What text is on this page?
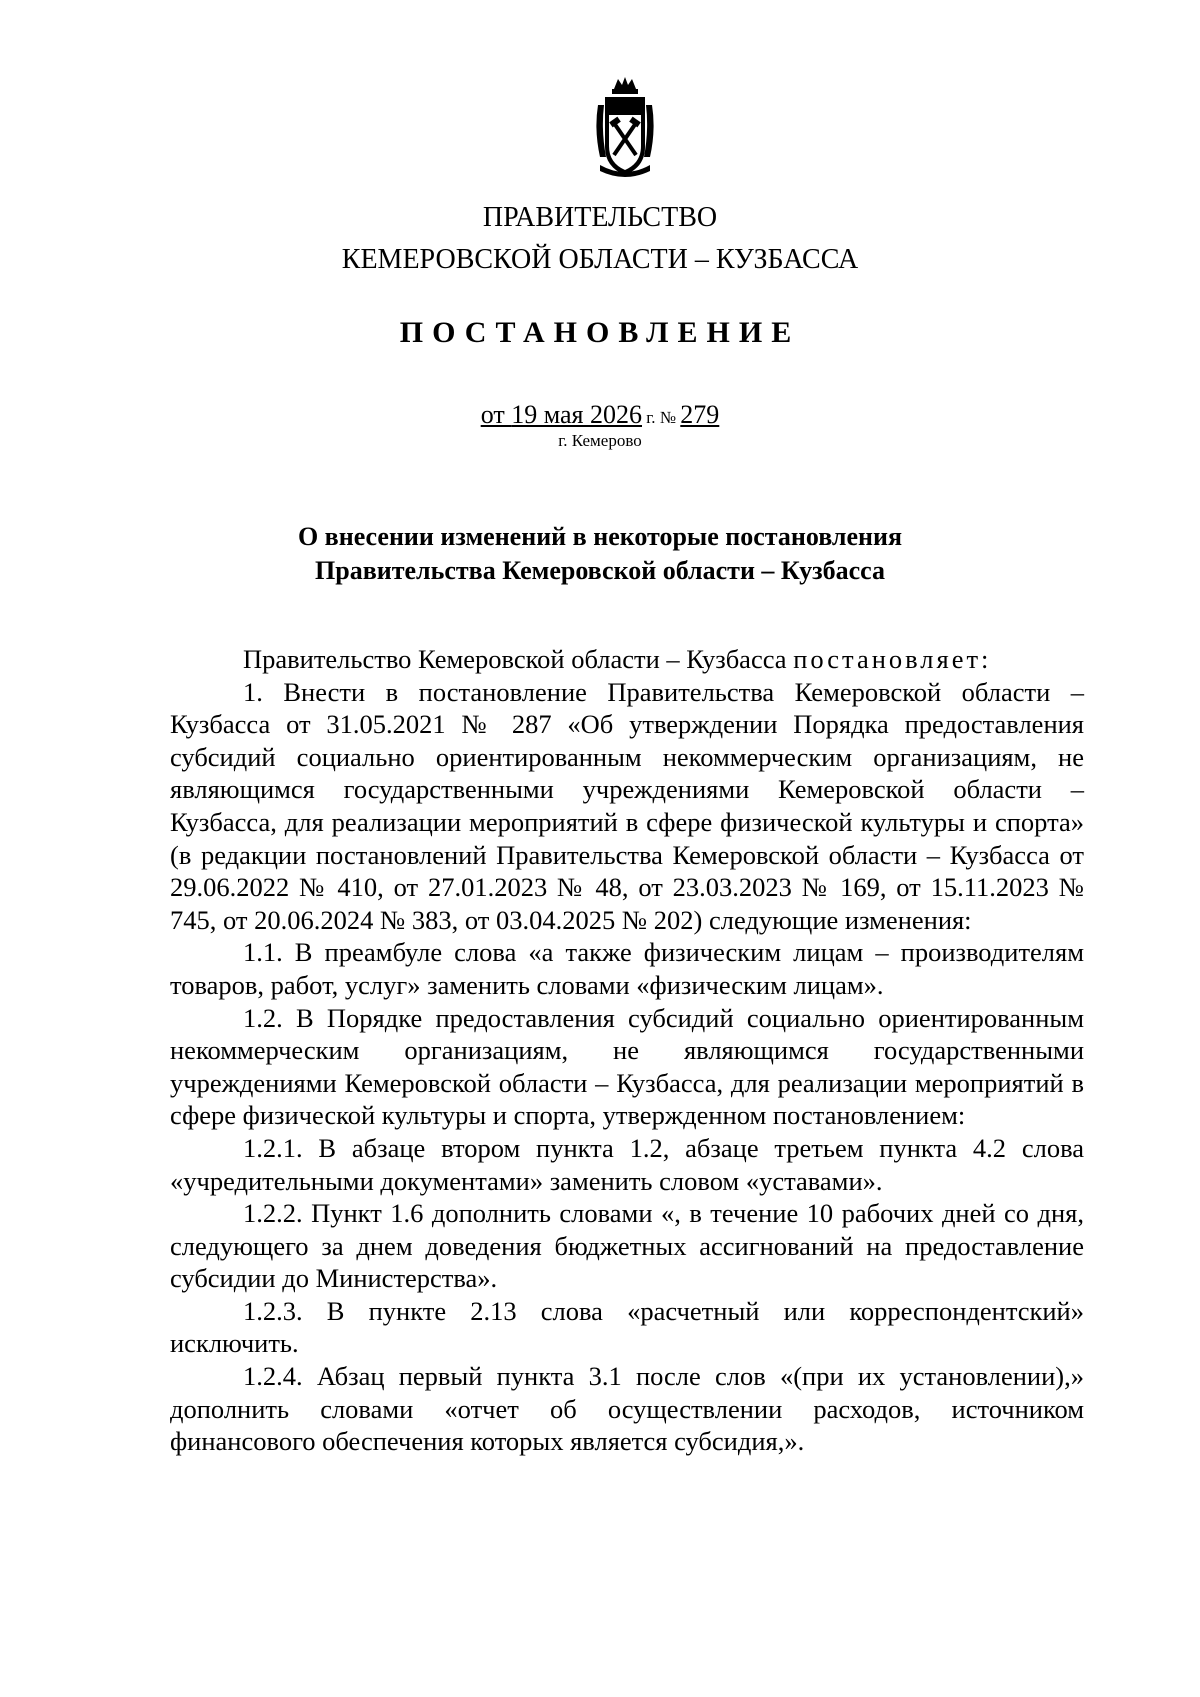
ПРАВИТЕЛЬСТВО
КЕМЕРОВСКОЙ ОБЛАСТИ – КУЗБАССА
ПОСТАНОВЛЕНИЕ
от 19 мая 2026 г. № 279
г. Кемерово
О внесении изменений в некоторые постановления
Правительства Кемеровской области – Кузбасса

Правительство Кемеровской области – Кузбасса постановляет:

1. Внести в постановление Правительства Кемеровской области – Кузбасса от 31.05.2021 № 287 «Об утверждении Порядка предоставления субсидий социально ориентированным некоммерческим организациям, не являющимся государственными учреждениями Кемеровской области – Кузбасса, для реализации мероприятий в сфере физической культуры и спорта» (в редакции постановлений Правительства Кемеровской области – Кузбасса от 29.06.2022 № 410, от 27.01.2023 № 48, от 23.03.2023 № 169, от 15.11.2023 № 745, от 20.06.2024 № 383, от 03.04.2025 № 202) следующие изменения:

1.1. В преамбуле слова «а также физическим лицам – производителям товаров, работ, услуг» заменить словами «физическим лицам».

1.2. В Порядке предоставления субсидий социально ориентированным некоммерческим организациям, не являющимся государственными учреждениями Кемеровской области – Кузбасса, для реализации мероприятий в сфере физической культуры и спорта, утвержденном постановлением:

1.2.1. В абзаце втором пункта 1.2, абзаце третьем пункта 4.2 слова «учредительными документами» заменить словом «уставами».

1.2.2. Пункт 1.6 дополнить словами «, в течение 10 рабочих дней со дня, следующего за днем доведения бюджетных ассигнований на предоставление субсидии до Министерства».

1.2.3. В пункте 2.13 слова «расчетный или корреспондентский» исключить.

1.2.4. Абзац первый пункта 3.1 после слов «(при их установлении),» дополнить словами «отчет об осуществлении расходов, источником финансового обеспечения которых является субсидия,».
